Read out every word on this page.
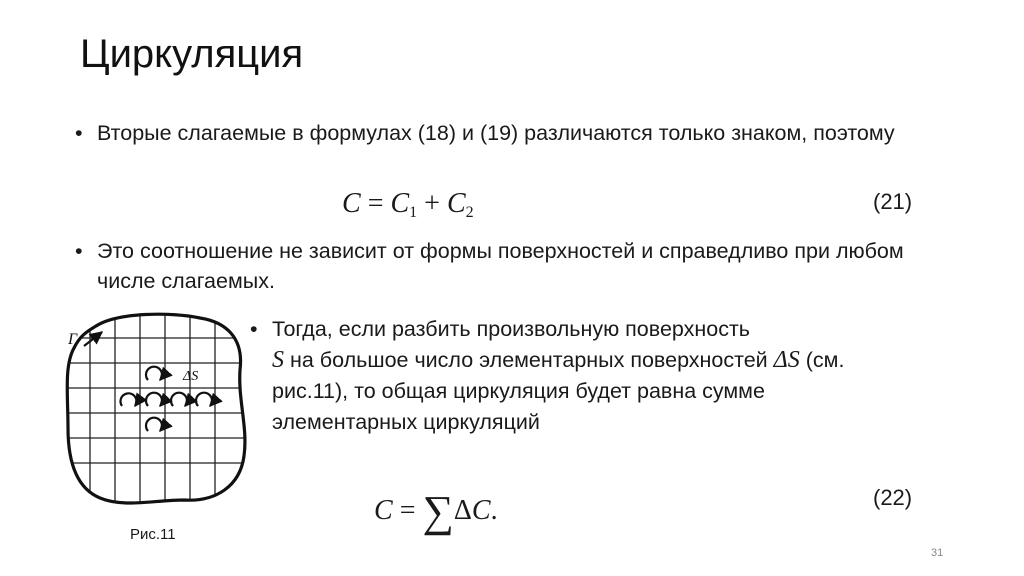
Циркуляция
• Вторые слагаемые в формулах (18) и (19) различаются только знаком, поэтому
$C = C_1 + C_2$	(21)
• Это соотношение не зависит от формы поверхностей и справедливо при любом числе слагаемых.
• Тогда, если разбить произвольную поверхность
S на большое число элементарных поверхностей ΔS (см. рис.11), то общая циркуляция будет равна сумме элементарных циркуляций
C = ∑ΔC.	(22)
Г
ΔS
Рис.11
31
